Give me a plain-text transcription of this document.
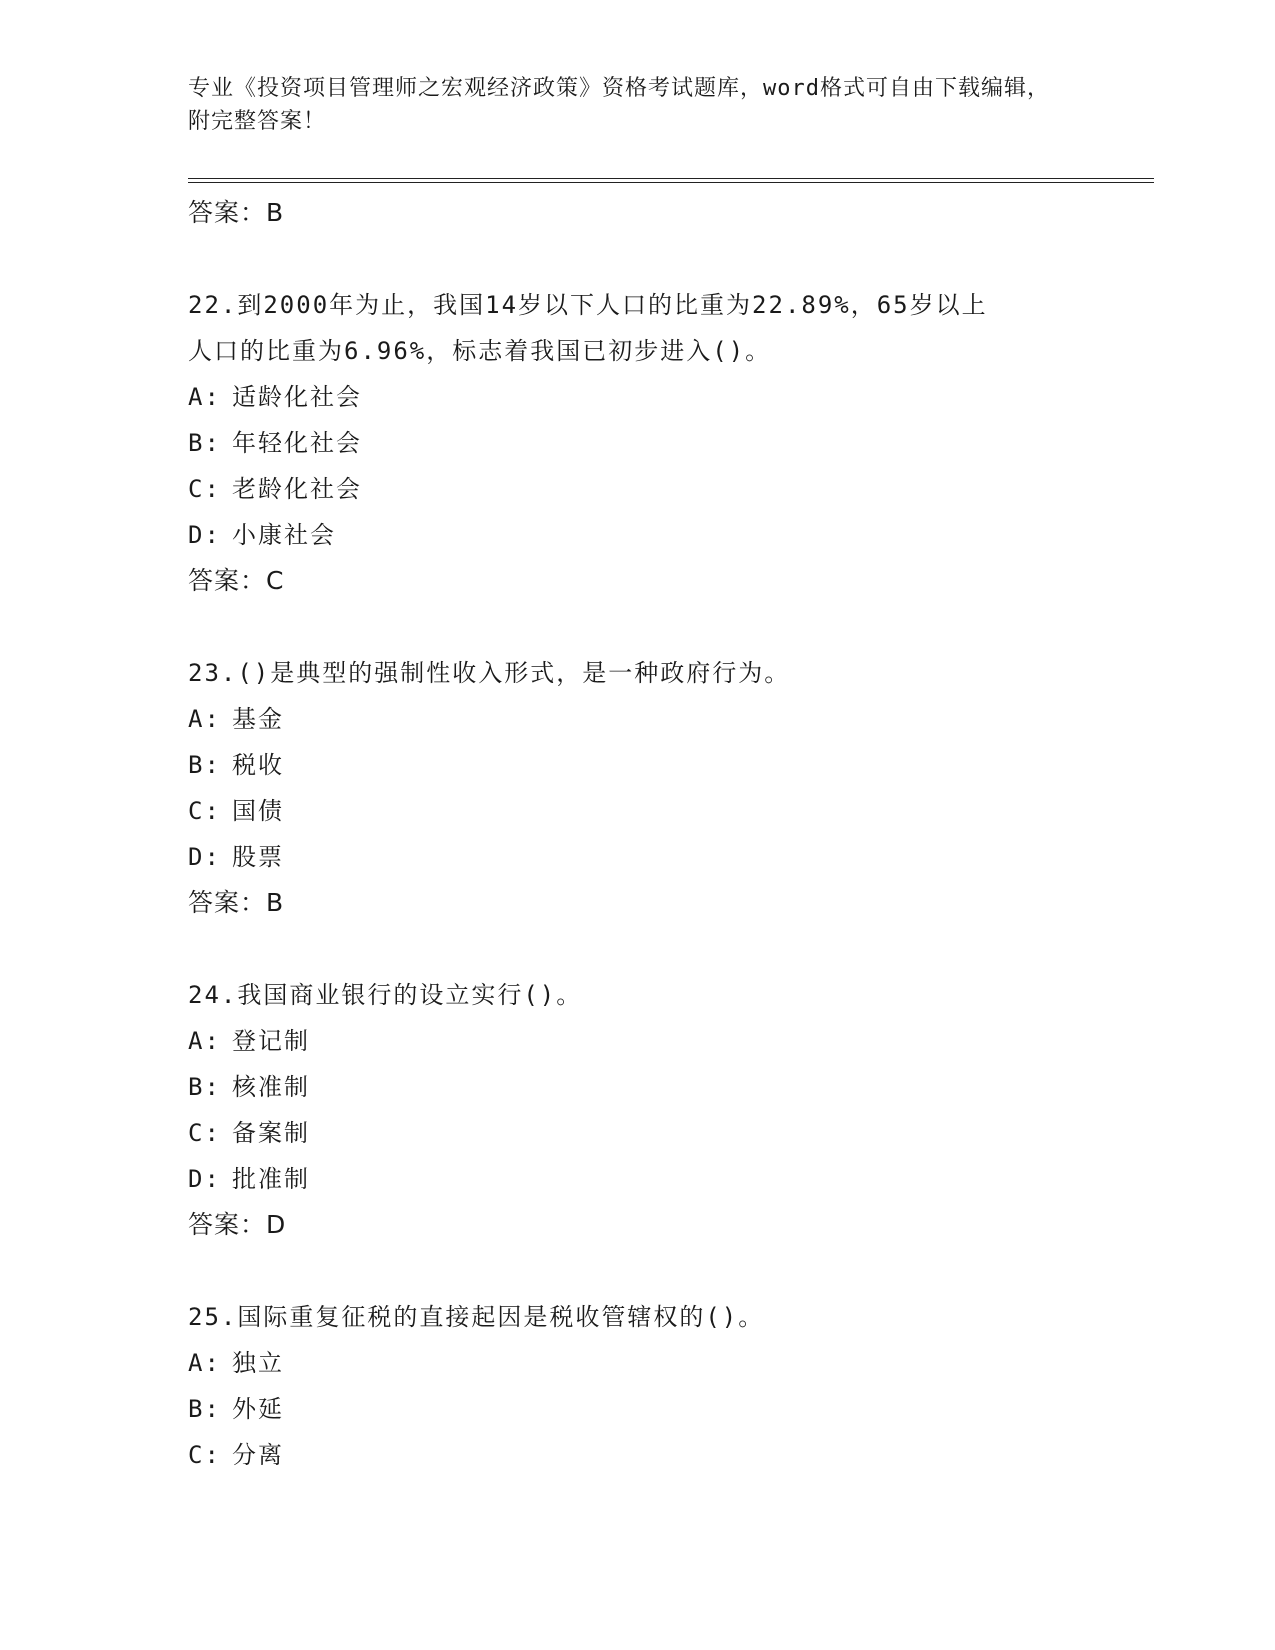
专业《投资项目管理师之宏观经济政策》资格考试题库，word格式可自由下载编辑，附完整答案！
答案：B
22.到2000年为止，我国14岁以下人口的比重为22.89%，65岁以上
人口的比重为6.96%，标志着我国已初步进入()。
A: 适龄化社会
B: 年轻化社会
C: 老龄化社会
D: 小康社会
答案：C
23.()是典型的强制性收入形式，是一种政府行为。
A: 基金
B: 税收
C: 国债
D: 股票
答案：B
24.我国商业银行的设立实行()。
A: 登记制
B: 核准制
C: 备案制
D: 批准制
答案：D
25.国际重复征税的直接起因是税收管辖权的()。
A: 独立
B: 外延
C: 分离
